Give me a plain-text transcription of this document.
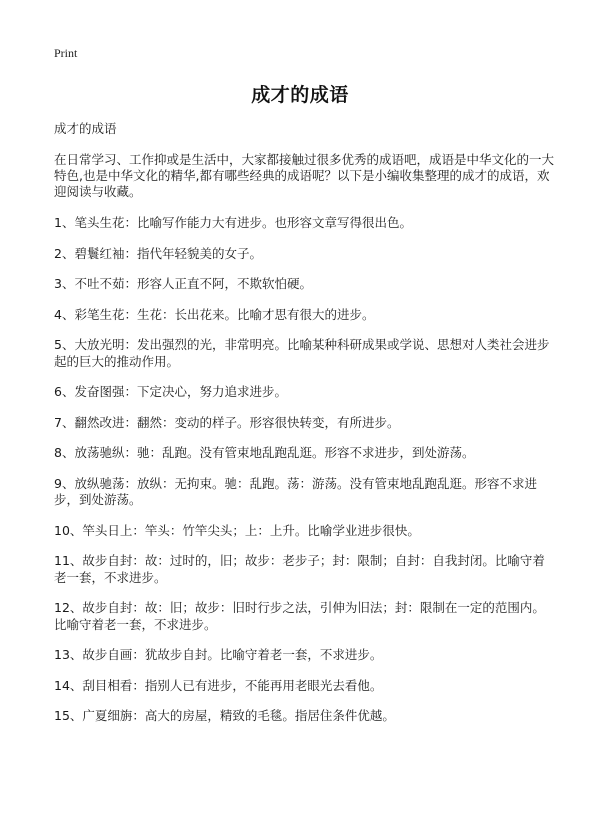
Print
成才的成语

成才的成语

在日常学习、工作抑或是生活中，大家都接触过很多优秀的成语吧，成语是中华文化的一大特色,也是中华文化的精华,都有哪些经典的成语呢？以下是小编收集整理的成才的成语，欢迎阅读与收藏。

1、笔头生花：比喻写作能力大有进步。也形容文章写得很出色。
2、碧鬟红袖：指代年轻貌美的女子。
3、不吐不茹：形容人正直不阿，不欺软怕硬。
4、彩笔生花：生花：长出花来。比喻才思有很大的进步。
5、大放光明：发出强烈的光，非常明亮。比喻某种科研成果或学说、思想对人类社会进步起的巨大的推动作用。
6、发奋图强：下定决心，努力追求进步。
7、翻然改进：翻然：变动的样子。形容很快转变，有所进步。
8、放荡驰纵：驰：乱跑。没有管束地乱跑乱逛。形容不求进步，到处游荡。
9、放纵驰荡：放纵：无拘束。驰：乱跑。荡：游荡。没有管束地乱跑乱逛。形容不求进步，到处游荡。
10、竿头日上：竿头：竹竿尖头；上：上升。比喻学业进步很快。
11、故步自封：故：过时的，旧；故步：老步子；封：限制；自封：自我封闭。比喻守着老一套，不求进步。
12、故步自封：故：旧；故步：旧时行步之法，引伸为旧法；封：限制在一定的范围内。比喻守着老一套，不求进步。
13、故步自画：犹故步自封。比喻守着老一套，不求进步。
14、刮目相看：指别人已有进步，不能再用老眼光去看他。
15、广夏细旃：高大的房屋，精致的毛毯。指居住条件优越。
